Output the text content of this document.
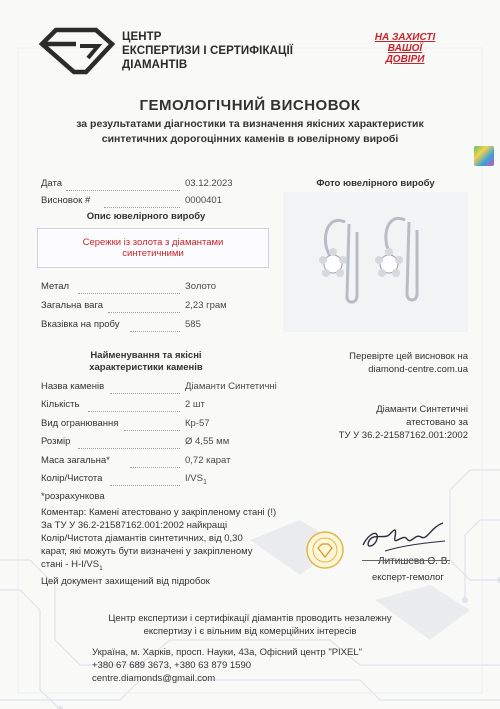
ЦЕНТР
ЕКСПЕРТИЗИ І СЕРТИФІКАЦІЇ
ДІАМАНТІВ
НА ЗАХИСТІ
ВАШОЇ
ДОВІРИ
ГЕМОЛОГІЧНИЙ ВИСНОВОК
за результатами діагностики та визначення якісних характеристик
синтетичних дорогоцінних каменів в ювелірному виробі
Дата	03.12.2023
Висновок #	0000401
Опис ювелірного виробу
Сережки із золота з діамантами
синтетичними
Метал	Золото
Загальна вага	2,23 грам
Вказівка на пробу	585
Фото ювелірного виробу
Найменування та якісні
характеристики каменів
Назва каменів	Діаманти Синтетичні
Кількість	2 шт
Вид огранювання	Кр-57
Розмір	Ø 4,55 мм
Маса загальна*	0,72 карат
Колір/Чистота	$I/VS_1$
*розрахункова
Перевірте цей висновок на
diamond-centre.com.ua
Діаманти Синтетичні
атестовано за
ТУ У 36.2-21587162.001:2002
Коментар: Камені атестовано у закріпленому стані (!)
За ТУ У 36.2-21587162.001:2002 найкращі
Колір/Чистота діамантів синтетичних, від 0,30
карат, які можуть бути визначені у закріпленому
стані - $H-I/VS_1$
Цей документ захищений від підробок
Литишева О. В.
експерт-гемолог
Центр експертизи і сертифікації діамантів проводить незалежну
експертизу і є вільним від комерційних інтересів
Україна, м. Харків, просп. Науки, 43а, Офісний центр "PIXEL"
+380 67 689 3673, +380 63 879 1590
centre.diamonds@gmail.com
